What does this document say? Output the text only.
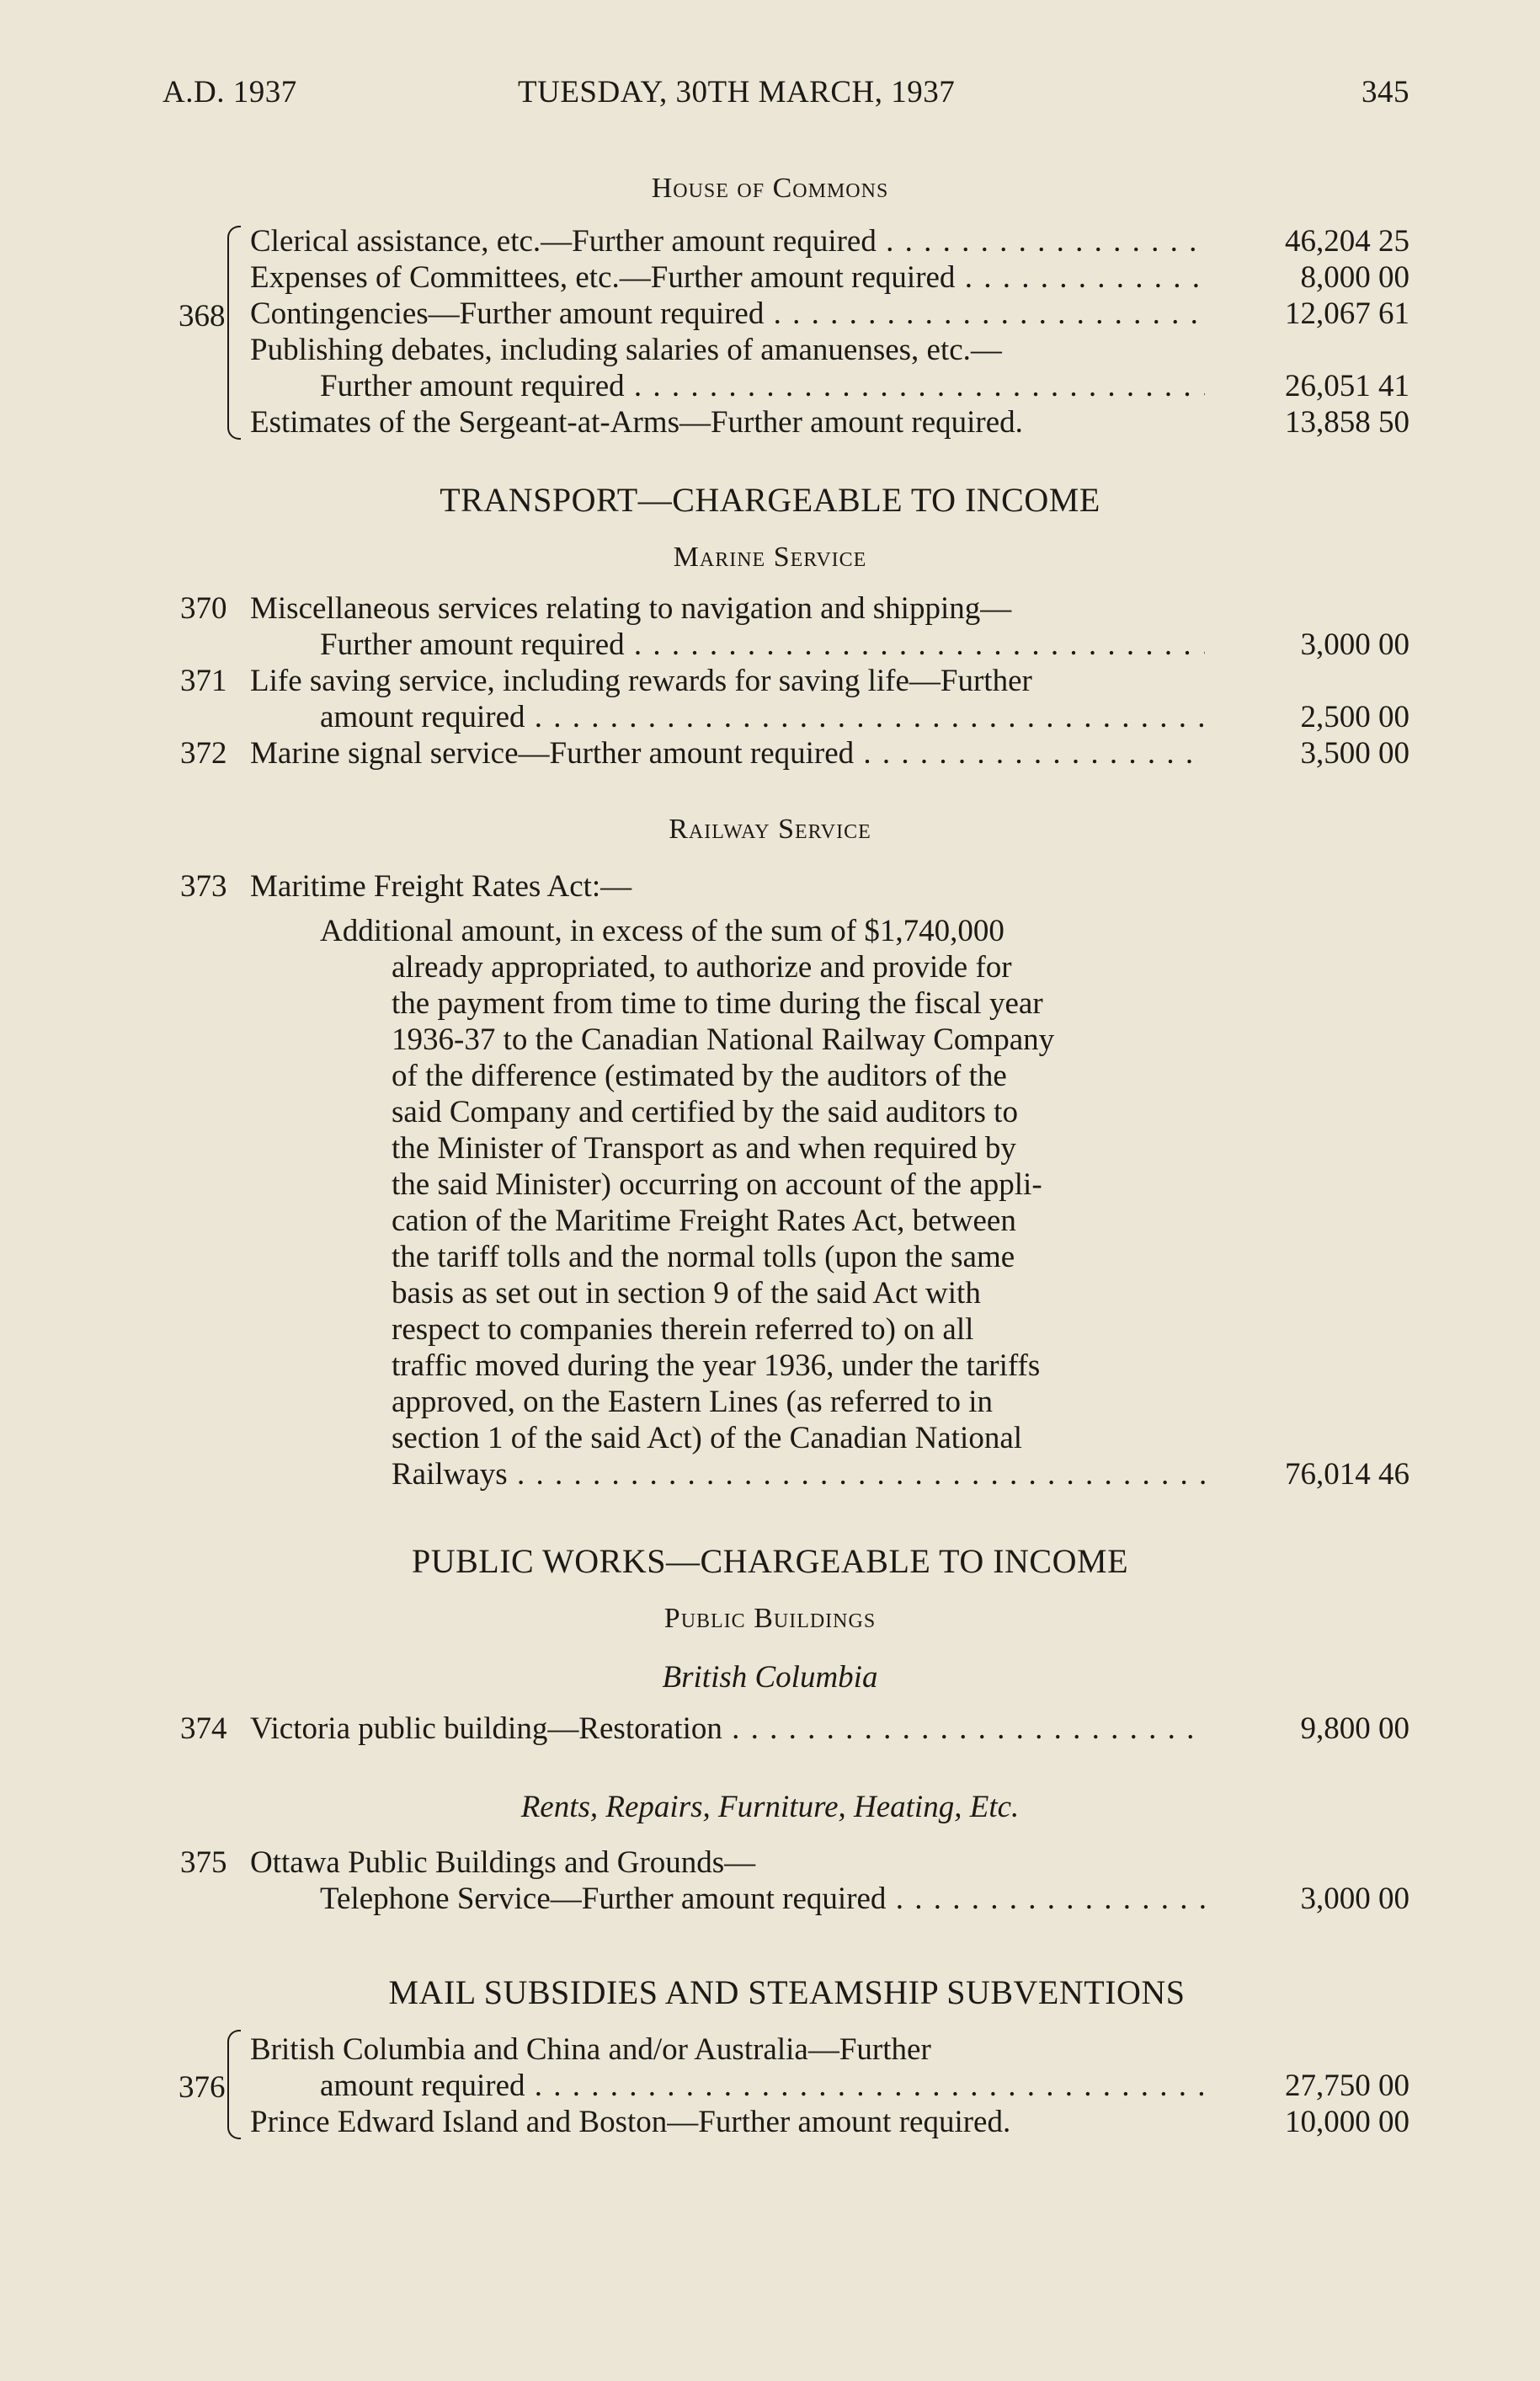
A.D. 1937	TUESDAY, 30TH MARCH, 1937	345
House of Commons
368
Clerical assistance, etc.—Further amount required . . .	46,204 25
Expenses of Committees, etc.—Further amount required . . .	8,000 00
Contingencies—Further amount required . . .	12,067 61
Publishing debates, including salaries of amanuenses, etc.—
Further amount required . . .	26,051 41
Estimates of the Sergeant-at-Arms—Further amount required.	13,858 50
TRANSPORT—CHARGEABLE TO INCOME
Marine Service
370 Miscellaneous services relating to navigation and shipping—
Further amount required . . .	3,000 00
371 Life saving service, including rewards for saving life—Further
amount required . . .	2,500 00
372 Marine signal service—Further amount required . . .	3,500 00
Railway Service
373 Maritime Freight Rates Act:—
Additional amount, in excess of the sum of $1,740,000
already appropriated, to authorize and provide for
the payment from time to time during the fiscal year
1936-37 to the Canadian National Railway Company
of the difference (estimated by the auditors of the
said Company and certified by the said auditors to
the Minister of Transport as and when required by
the said Minister) occurring on account of the appli-
cation of the Maritime Freight Rates Act, between
the tariff tolls and the normal tolls (upon the same
basis as set out in section 9 of the said Act with
respect to companies therein referred to) on all
traffic moved during the year 1936, under the tariffs
approved, on the Eastern Lines (as referred to in
section 1 of the said Act) of the Canadian National
Railways . . .	76,014 46
PUBLIC WORKS—CHARGEABLE TO INCOME
Public Buildings
British Columbia
374 Victoria public building—Restoration . . .	9,800 00
Rents, Repairs, Furniture, Heating, Etc.
375 Ottawa Public Buildings and Grounds—
Telephone Service—Further amount required . . .	3,000 00
MAIL SUBSIDIES AND STEAMSHIP SUBVENTIONS
376
British Columbia and China and/or Australia—Further
amount required . . .	27,750 00
Prince Edward Island and Boston—Further amount required.	10,000 00
